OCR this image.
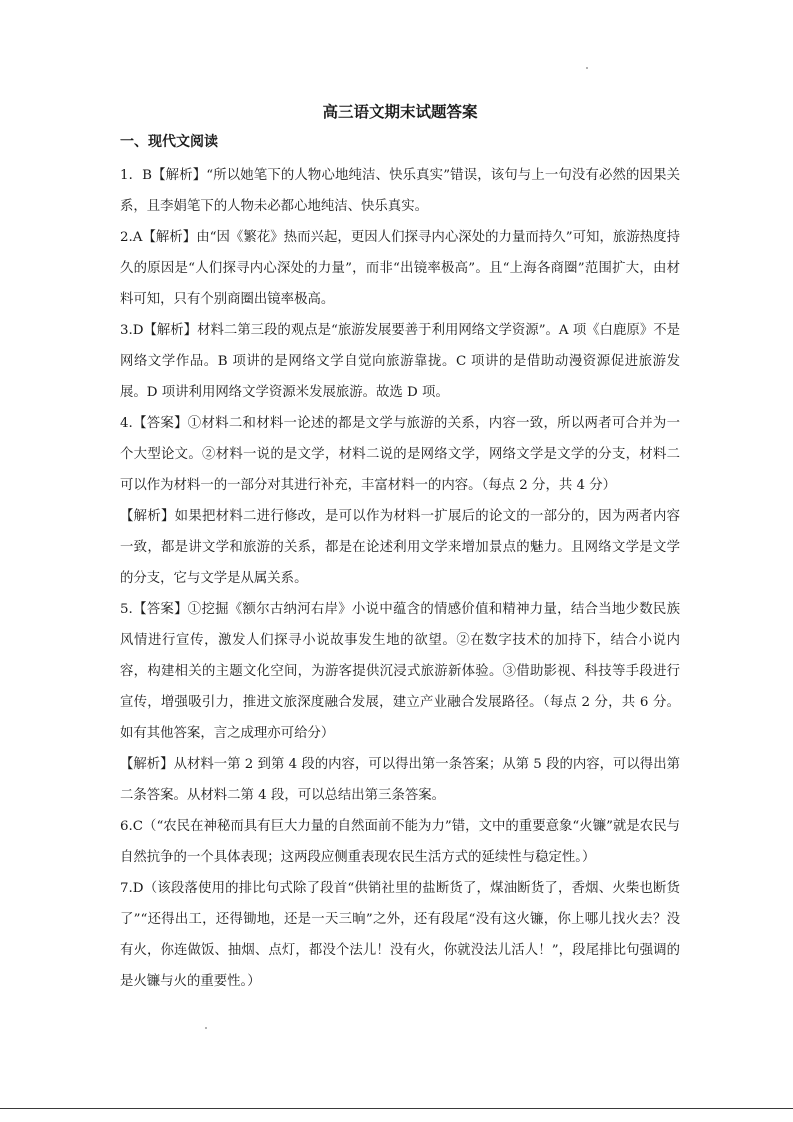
高三语文期末试题答案
一、现代文阅读

1．B【解析】“所以她笔下的人物心地纯洁、快乐真实”错误，该句与上一句没有必然的因果关系，且李娟笔下的人物未必都心地纯洁、快乐真实。

2.A【解析】由“因《繁花》热而兴起，更因人们探寻内心深处的力量而持久”可知，旅游热度持久的原因是“人们探寻内心深处的力量”，而非“出镜率极高”。且“上海各商圈”范围扩大，由材料可知，只有个别商圈出镜率极高。

3.D【解析】材料二第三段的观点是“旅游发展要善于利用网络文学资源”。A 项《白鹿原》不是网络文学作品。B 项讲的是网络文学自觉向旅游靠拢。C 项讲的是借助动漫资源促进旅游发展。D 项讲利用网络文学资源米发展旅游。故选 D 项。

4.【答案】①材料二和材料一论述的都是文学与旅游的关系，内容一致，所以两者可合并为一个大型论文。②材料一说的是文学，材料二说的是网络文学，网络文学是文学的分支，材料二可以作为材料一的一部分对其进行补充，丰富材料一的内容。（每点 2 分，共 4 分）

【解析】如果把材料二进行修改，是可以作为材料一扩展后的论文的一部分的，因为两者内容一致，都是讲文学和旅游的关系，都是在论述利用文学来增加景点的魅力。且网络文学是文学的分支，它与文学是从属关系。

5.【答案】①挖掘《额尔古纳河右岸》小说中蕴含的情感价值和精神力量，结合当地少数民族风情进行宣传，激发人们探寻小说故事发生地的欲望。②在数字技术的加持下，结合小说内容，构建相关的主题文化空间，为游客提供沉浸式旅游新体验。③借助影视、科技等手段进行宣传，增强吸引力，推进文旅深度融合发展，建立产业融合发展路径。（每点 2 分，共 6 分。如有其他答案，言之成理亦可给分）

【解析】从材料一第 2 到第 4 段的内容，可以得出第一条答案；从第 5 段的内容，可以得出第二条答案。从材料二第 4 段，可以总结出第三条答案。

6.C（“农民在神秘而具有巨大力量的自然面前不能为力”错，文中的重要意象“火镰”就是农民与自然抗争的一个具体表现；这两段应侧重表现农民生活方式的延续性与稳定性。）

7.D（该段落使用的排比句式除了段首“供销社里的盐断货了，煤油断货了，香烟、火柴也断货了”“还得出工，还得锄地，还是一天三晌”之外，还有段尾“没有这火镰，你上哪儿找火去？没有火，你连做饭、抽烟、点灯，都没个法儿！没有火，你就没法儿活人！”，段尾排比句强调的是火镰与火的重要性。）
